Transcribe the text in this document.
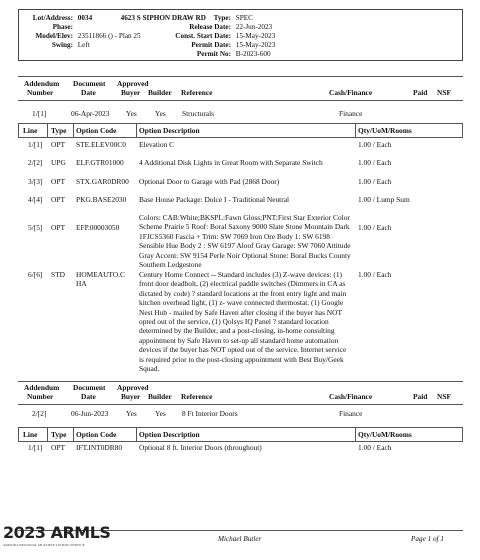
Lot/Address: 0034	4623 S SIPHON DRAW RD
Phase:
Model/Elev: 23511866 () - Plan 25
Swing: Left
Type: SPEC
Release Date: 22-Jun-2023
Const. Start Date: 15-May-2023
Permit Date: 15-May-2023
Permit No: B-2023-600
Approved
Addendum
Number
Document
Date	Buyer Builder Reference	Cash/Finance	Paid NSF
1/[1]	06-Apr-2023 Yes Yes Structurals	Finance
Line Type Option Code	Option Description	Qty/UoM/Rooms
1/[1] OPT STE.ELEV00C0 Elevation C	1.00 / Each
2/[2] UPG ELF.GTR01000 4 Additional Disk Lights in Great Room with Separate Switch	1.00 / Each
3/[3] OPT STX.GAR0DR00 Optional Door to Garage with Pad (2868 Door)	1.00 / Each
4/[4] OPT PKG.BASE2030 Base House Package: Dolce I - Traditional Neutral	1.00 / Lump Sum
5/[5] OPT EFP.00003050
Colors: CAB:White;BKSPL:Fawn Gloss;PNT:First Star Exterior Color Scheme Prairie 5 Roof: Boral Saxony 9000 Slate Stone Mountain Dark 1FJCS5360 Fascia + Trim: SW 7069 Iron Ore Body 1: SW 6198 Sensible Hue Body 2 : SW 6197 Aloof Gray Garage: SW 7060 Attitude Gray Accent: SW 9154 Perle Noir Optional Stone: Boral Bucks County Southern Ledgestone
1.00 / Each
6/[6] STD HOMEAUTO.C HA
Century Home Connect -- Standard includes (3) Z-wave devices: (1) front door deadbolt, (2) electrical paddle switches (Dimmers in CA as dictated by code) ? standard locations at the front entry light and main kitchen overhead light, (1) z- wave connected thermostat. (1) Google Nest Hub - mailed by Safe Haven after closing if the buyer has NOT opted out of the service, (1) Qolsys IQ Panel ? standard location determined by the Builder, and a post-closing, in-home consulting appointment by Safe Haven to set-up all standard home automation devices if the buyer has NOT opted out of the service. Internet service is required prior to the post-closing appointment with Best Buy/Geek Squad.
1.00 / Each
Addendum	Approved
Number
Document
Date	Buyer Builder Reference	Cash/Finance	Paid NSF
2/[2]	06-Jun-2023 Yes Yes 8 Ft Interior Doors	Finance
Line Type Option Code	Option Description	Qty/UoM/Rooms
1/[1] OPT IFT.INT0DR80 Optional 8 ft. Interior Doors (throughout)	1.00 / Each
2023 ARMLS
ARIZONA REGIONAL MULTIPLE LISTING SERVICE
Michael Butler	Page 1 of 1
